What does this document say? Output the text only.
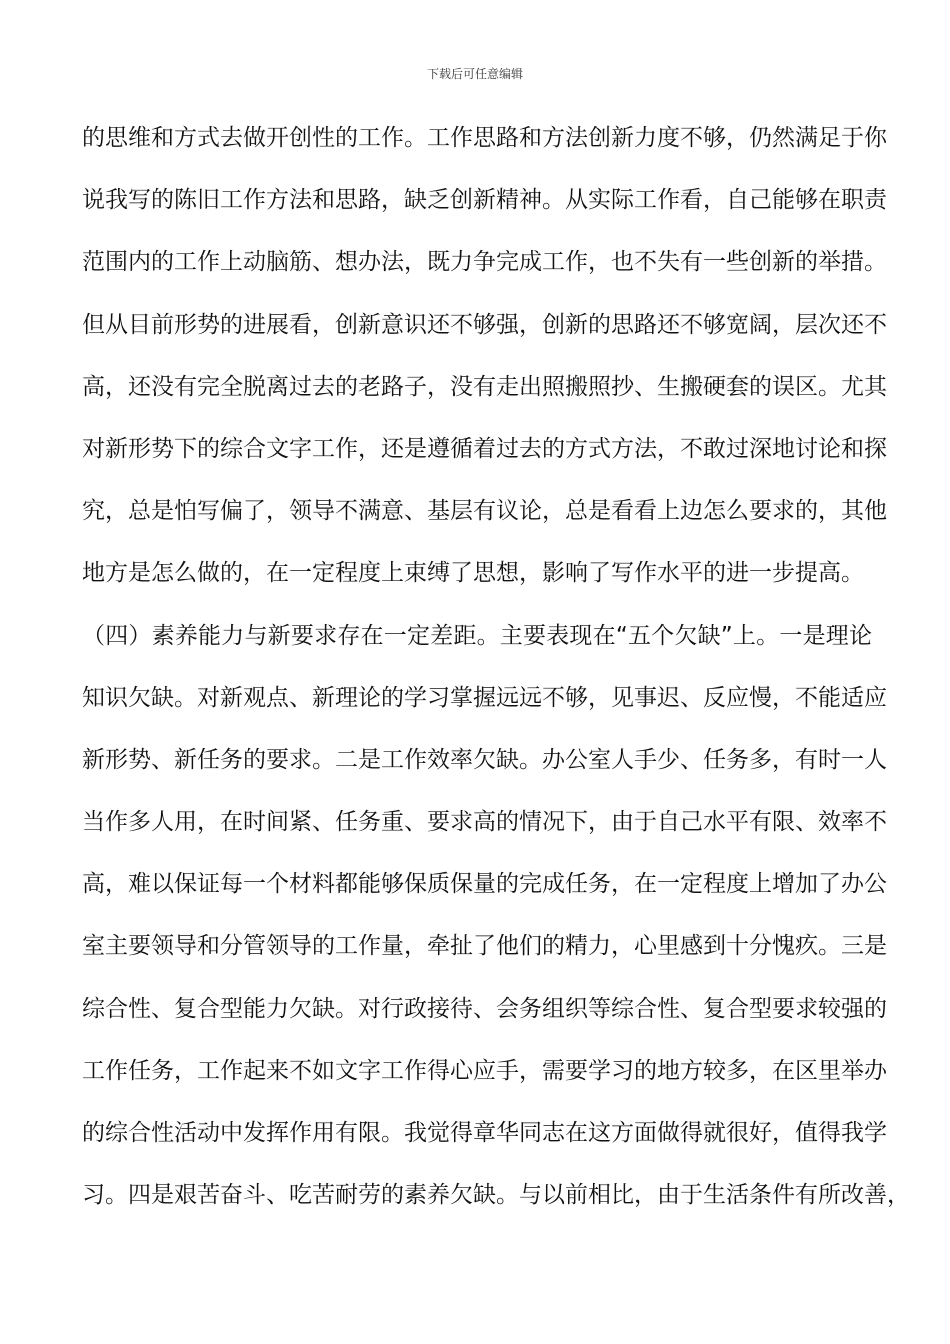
下载后可任意编辑
的思维和方式去做开创性的工作。工作思路和方法创新力度不够，仍然满足于你
说我写的陈旧工作方法和思路，缺乏创新精神。从实际工作看，自己能够在职责
范围内的工作上动脑筋、想办法，既力争完成工作，也不失有一些创新的举措。
但从目前形势的进展看，创新意识还不够强，创新的思路还不够宽阔，层次还不
高，还没有完全脱离过去的老路子，没有走出照搬照抄、生搬硬套的误区。尤其
对新形势下的综合文字工作，还是遵循着过去的方式方法，不敢过深地讨论和探
究，总是怕写偏了，领导不满意、基层有议论，总是看看上边怎么要求的，其他
地方是怎么做的，在一定程度上束缚了思想，影响了写作水平的进一步提高。
（四）素养能力与新要求存在一定差距。主要表现在“五个欠缺”上。一是理论
知识欠缺。对新观点、新理论的学习掌握远远不够，见事迟、反应慢，不能适应
新形势、新任务的要求。二是工作效率欠缺。办公室人手少、任务多，有时一人
当作多人用，在时间紧、任务重、要求高的情况下，由于自己水平有限、效率不
高，难以保证每一个材料都能够保质保量的完成任务，在一定程度上增加了办公
室主要领导和分管领导的工作量，牵扯了他们的精力，心里感到十分愧疚。三是
综合性、复合型能力欠缺。对行政接待、会务组织等综合性、复合型要求较强的
工作任务，工作起来不如文字工作得心应手，需要学习的地方较多，在区里举办
的综合性活动中发挥作用有限。我觉得章华同志在这方面做得就很好，值得我学
习。四是艰苦奋斗、吃苦耐劳的素养欠缺。与以前相比，由于生活条件有所改善，
